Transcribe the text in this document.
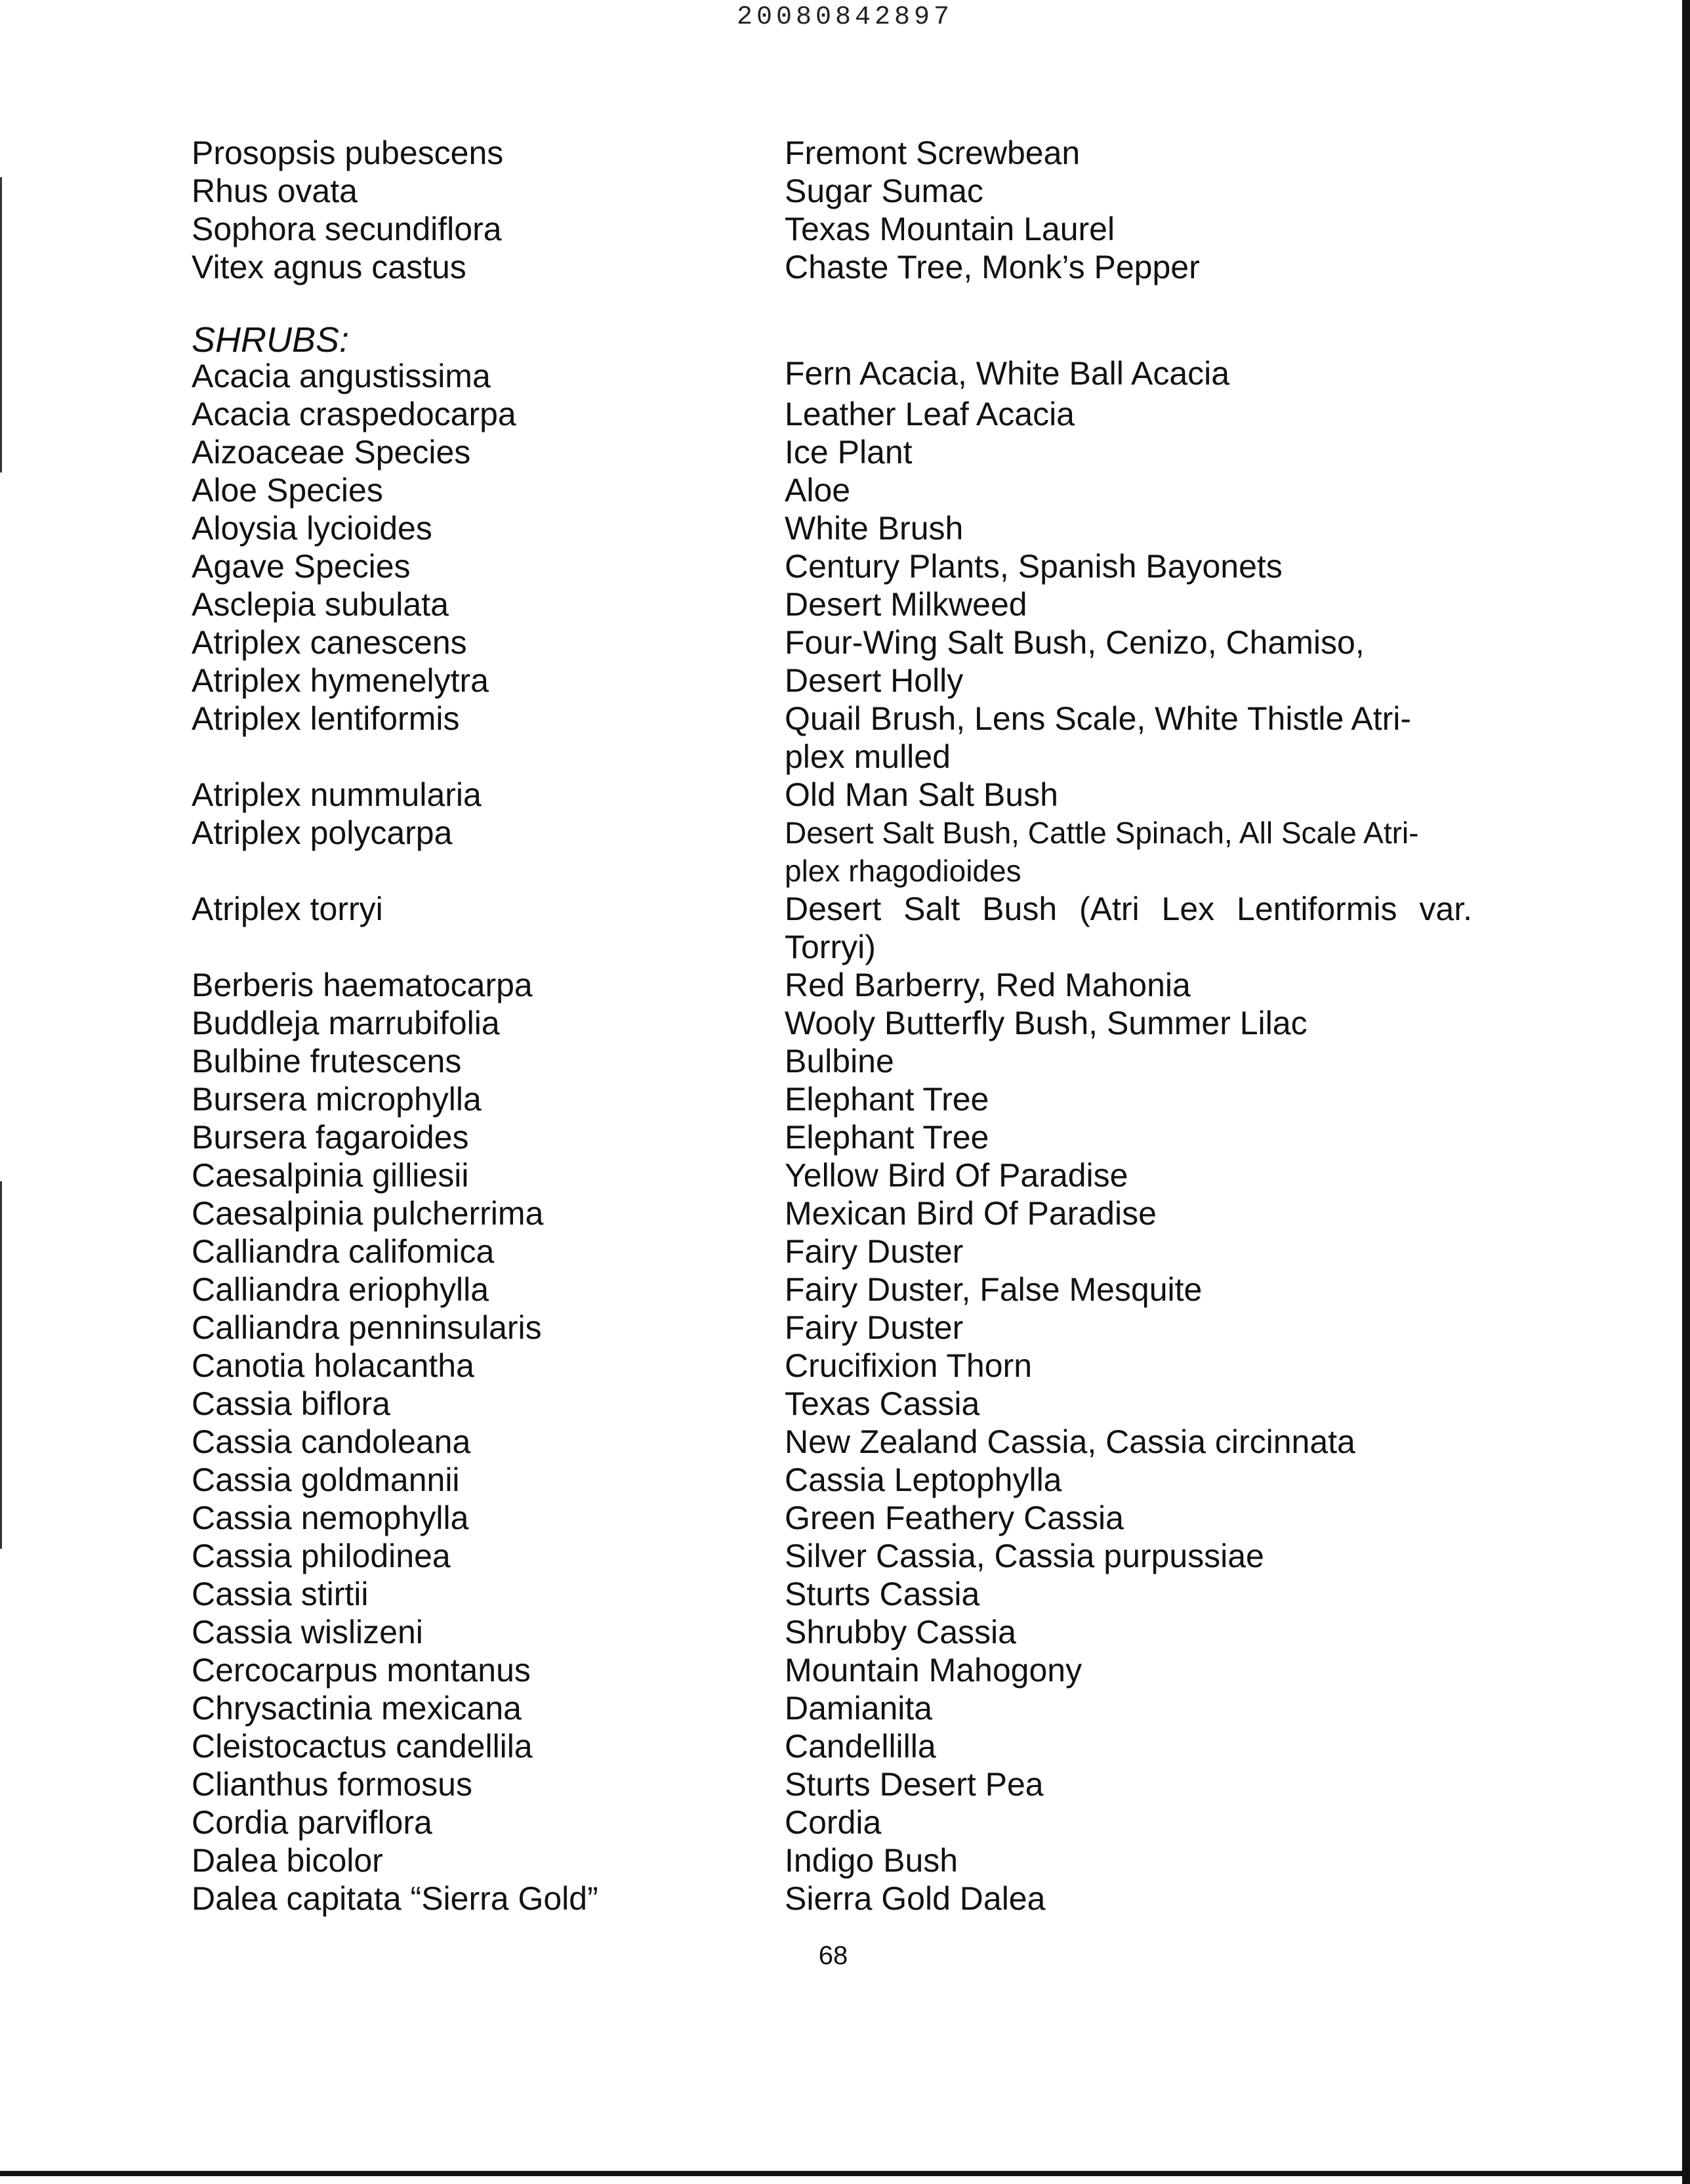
20080842897
Prosopsis pubescens	Fremont Screwbean
Rhus ovata	Sugar Sumac
Sophora secundiflora	Texas Mountain Laurel
Vitex agnus castus	Chaste Tree, Monk’s Pepper
SHRUBS:
Acacia angustissima	Fern Acacia, White Ball Acacia
Acacia craspedocarpa	Leather Leaf Acacia
Aizoaceae Species	Ice Plant
Aloe Species	Aloe
Aloysia lycioides	White Brush
Agave Species	Century Plants, Spanish Bayonets
Asclepia subulata	Desert Milkweed
Atriplex canescens	Four-Wing Salt Bush, Cenizo, Chamiso,
Atriplex hymenelytra	Desert Holly
Atriplex lentiformis	Quail Brush, Lens Scale, White Thistle Atri-
plex mulled
Atriplex nummularia	Old Man Salt Bush
Atriplex polycarpa	Desert Salt Bush, Cattle Spinach, All Scale Atri-
plex rhagodioides
Atriplex torryi	Desert Salt Bush (Atri Lex Lentiformis var.
Torryi)
Berberis haematocarpa	Red Barberry, Red Mahonia
Buddleja marrubifolia	Wooly Butterfly Bush, Summer Lilac
Bulbine frutescens	Bulbine
Bursera microphylla	Elephant Tree
Bursera fagaroides	Elephant Tree
Caesalpinia gilliesii	Yellow Bird Of Paradise
Caesalpinia pulcherrima	Mexican Bird Of Paradise
Calliandra califomica	Fairy Duster
Calliandra eriophylla	Fairy Duster, False Mesquite
Calliandra penninsularis	Fairy Duster
Canotia holacantha	Crucifixion Thorn
Cassia biflora	Texas Cassia
Cassia candoleana	New Zealand Cassia, Cassia circinnata
Cassia goldmannii	Cassia Leptophylla
Cassia nemophylla	Green Feathery Cassia
Cassia philodinea	Silver Cassia, Cassia purpussiae
Cassia stirtii	Sturts Cassia
Cassia wislizeni	Shrubby Cassia
Cercocarpus montanus	Mountain Mahogony
Chrysactinia mexicana	Damianita
Cleistocactus candellila	Candellilla
Clianthus formosus	Sturts Desert Pea
Cordia parviflora	Cordia
Dalea bicolor	Indigo Bush
Dalea capitata “Sierra Gold”	Sierra Gold Dalea
68
